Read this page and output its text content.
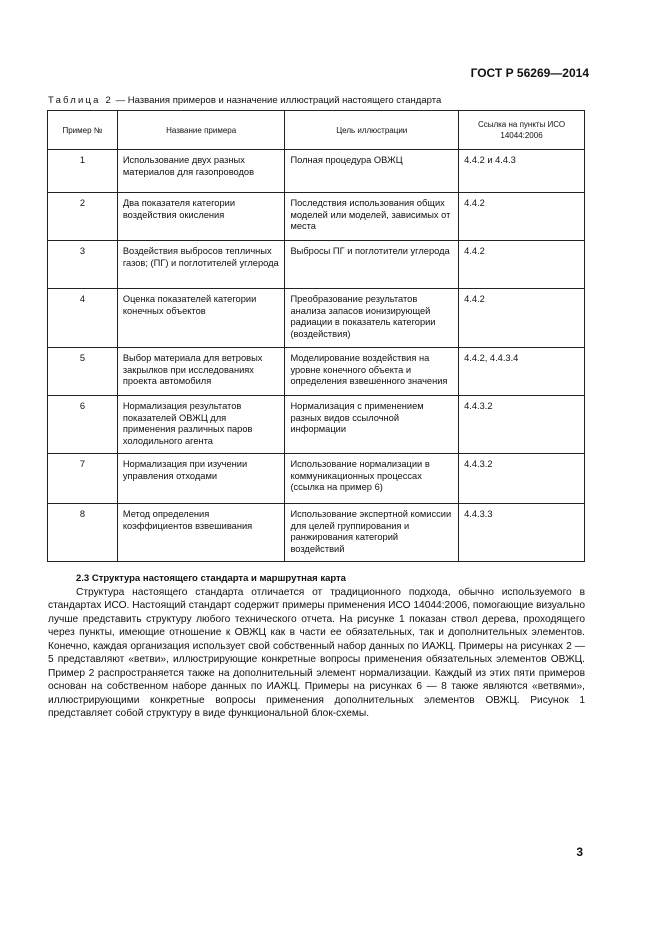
ГОСТ Р 56269—2014
Таблица 2 — Названия примеров и назначение иллюстраций настоящего стандарта
Пример №	Название примера	Цель иллюстрации	Ссылка на пункты ИСО 14044:2006
1	Использование двух разных материалов для газопроводов	Полная процедура ОВЖЦ	4.4.2 и 4.4.3
2	Два показателя категории воздействия окисления	Последствия использования общих моделей или моделей, зависимых от места	4.4.2
3	Воздействия выбросов тепличных газов; (ПГ) и поглотителей углерода	Выбросы ПГ и поглотители углерода	4.4.2
4	Оценка показателей категории конечных объектов	Преобразование результатов анализа запасов ионизирующей радиации в показатель категории (воздействия)	4.4.2
5	Выбор материала для ветровых закрылков при исследованиях проекта автомобиля	Моделирование воздействия на уровне конечного объекта и определения взвешенного значения	4.4.2, 4.4.3.4
6	Нормализация результатов показателей ОВЖЦ для применения различных паров холодильного агента	Нормализация с применением разных видов ссылочной информации	4.4.3.2
7	Нормализация при изучении управления отходами	Использование нормализации в коммуникационных процессах (ссылка на пример 6)	4.4.3.2
8	Метод определения коэффициентов взвешивания	Использование экспертной комиссии для целей группирования и ранжирования категорий воздействий	4.4.3.3
2.3 Структура настоящего стандарта и маршрутная карта

Структура настоящего стандарта отличается от традиционного подхода, обычно используемого в стандартах ИСО. Настоящий стандарт содержит примеры применения ИСО 14044:2006, помогающие визуально лучше представить структуру любого технического отчета. На рисунке 1 показан ствол дерева, проходящего через пункты, имеющие отношение к ОВЖЦ как в части ее обязательных, так и дополнительных элементов. Конечно, каждая организация использует свой собственный набор данных по ИАЖЦ. Примеры на рисунках 2 — 5 представляют «ветви», иллюстрирующие конкретные вопросы применения обязательных элементов ОВЖЦ. Пример 2 распространяется также на дополнительный элемент нормализации. Каждый из этих пяти примеров основан на собственном наборе данных по ИАЖЦ. Примеры на рисунках 6 — 8 также являются «ветвями», иллюстрирующими конкретные вопросы применения дополнительных элементов ОВЖЦ. Рисунок 1 представляет собой структуру в виде функциональной блок-схемы.

3
